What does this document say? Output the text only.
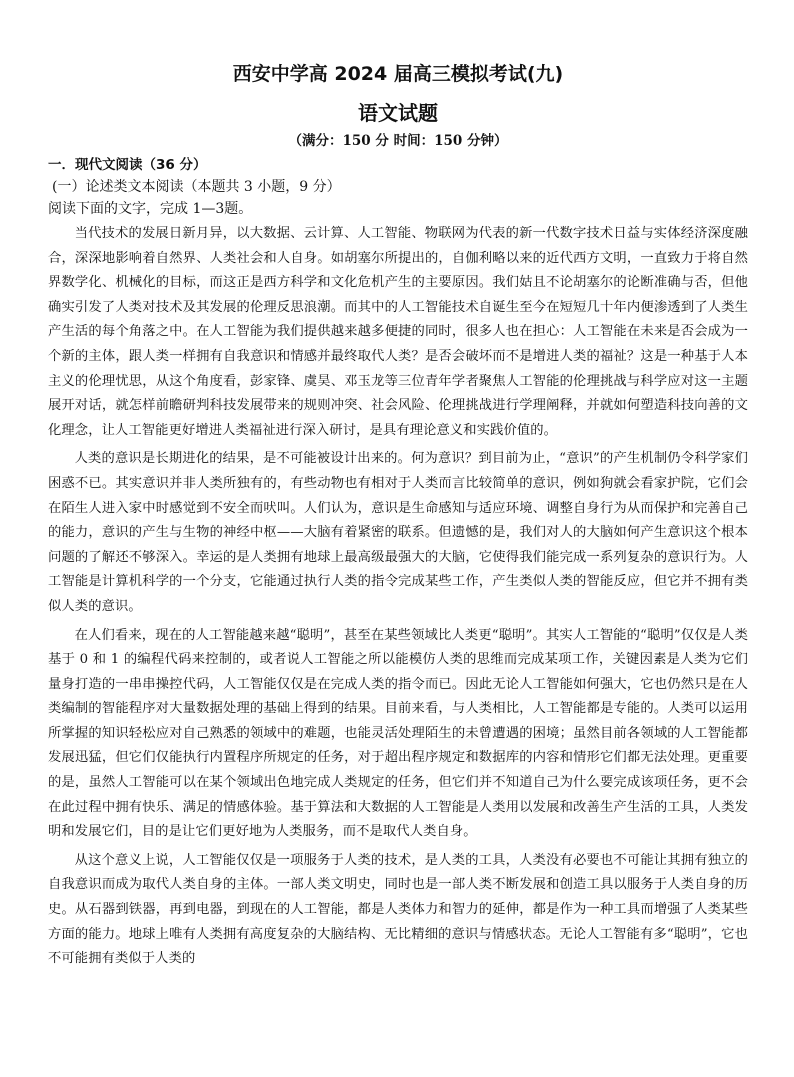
西安中学高 2024 届高三模拟考试(九)
语文试题
（满分：150 分 时间：150 分钟）
一．现代文阅读（36 分）
(一）论述类文本阅读（本题共 3 小题，9 分）
阅读下面的文字，完成 1—3题。

当代技术的发展日新月异，以大数据、云计算、人工智能、物联网为代表的新一代数字技术日益与实体经济深度融合，深深地影响着自然界、人类社会和人自身。如胡塞尔所提出的，自伽利略以来的近代西方文明，一直致力于将自然界数学化、机械化的目标，而这正是西方科学和文化危机产生的主要原因。我们姑且不论胡塞尔的论断准确与否，但他确实引发了人类对技术及其发展的伦理反思浪潮。而其中的人工智能技术自诞生至今在短短几十年内便渗透到了人类生产生活的每个角落之中。在人工智能为我们提供越来越多便捷的同时，很多人也在担心：人工智能在未来是否会成为一个新的主体，跟人类一样拥有自我意识和情感并最终取代人类？是否会破坏而不是增进人类的福祉？这是一种基于人本主义的伦理忧思，从这个角度看，彭家锋、虞昊、邓玉龙等三位青年学者聚焦人工智能的伦理挑战与科学应对这一主题展开对话，就怎样前瞻研判科技发展带来的规则冲突、社会风险、伦理挑战进行学理阐释，并就如何塑造科技向善的文化理念，让人工智能更好增进人类福祉进行深入研讨，是具有理论意义和实践价值的。

人类的意识是长期进化的结果，是不可能被设计出来的。何为意识？到目前为止，“意识”的产生机制仍令科学家们困惑不已。其实意识并非人类所独有的，有些动物也有相对于人类而言比较简单的意识，例如狗就会看家护院，它们会在陌生人进入家中时感觉到不安全而吠叫。人们认为，意识是生命感知与适应环境、调整自身行为从而保护和完善自己的能力，意识的产生与生物的神经中枢——大脑有着紧密的联系。但遗憾的是，我们对人的大脑如何产生意识这个根本问题的了解还不够深入。幸运的是人类拥有地球上最高级最强大的大脑，它使得我们能完成一系列复杂的意识行为。人工智能是计算机科学的一个分支，它能通过执行人类的指令完成某些工作，产生类似人类的智能反应，但它并不拥有类似人类的意识。

在人们看来，现在的人工智能越来越“聪明”，甚至在某些领域比人类更“聪明”。其实人工智能的“聪明”仅仅是人类基于 0 和 1 的编程代码来控制的，或者说人工智能之所以能模仿人类的思维而完成某项工作，关键因素是人类为它们量身打造的一串串操控代码，人工智能仅仅是在完成人类的指令而已。因此无论人工智能如何强大，它也仍然只是在人类编制的智能程序对大量数据处理的基础上得到的结果。目前来看，与人类相比，人工智能都是专能的。人类可以运用所掌握的知识轻松应对自己熟悉的领域中的难题，也能灵活处理陌生的未曾遭遇的困境；虽然目前各领域的人工智能都发展迅猛，但它们仅能执行内置程序所规定的任务，对于超出程序规定和数据库的内容和情形它们都无法处理。更重要的是，虽然人工智能可以在某个领域出色地完成人类规定的任务，但它们并不知道自己为什么要完成该项任务，更不会在此过程中拥有快乐、满足的情感体验。基于算法和大数据的人工智能是人类用以发展和改善生产生活的工具，人类发明和发展它们，目的是让它们更好地为人类服务，而不是取代人类自身。

从这个意义上说，人工智能仅仅是一项服务于人类的技术，是人类的工具，人类没有必要也不可能让其拥有独立的自我意识而成为取代人类自身的主体。一部人类文明史，同时也是一部人类不断发展和创造工具以服务于人类自身的历史。从石器到铁器，再到电器，到现在的人工智能，都是人类体力和智力的延伸，都是作为一种工具而增强了人类某些方面的能力。地球上唯有人类拥有高度复杂的大脑结构、无比精细的意识与情感状态。无论人工智能有多“聪明”，它也不可能拥有类似于人类的
